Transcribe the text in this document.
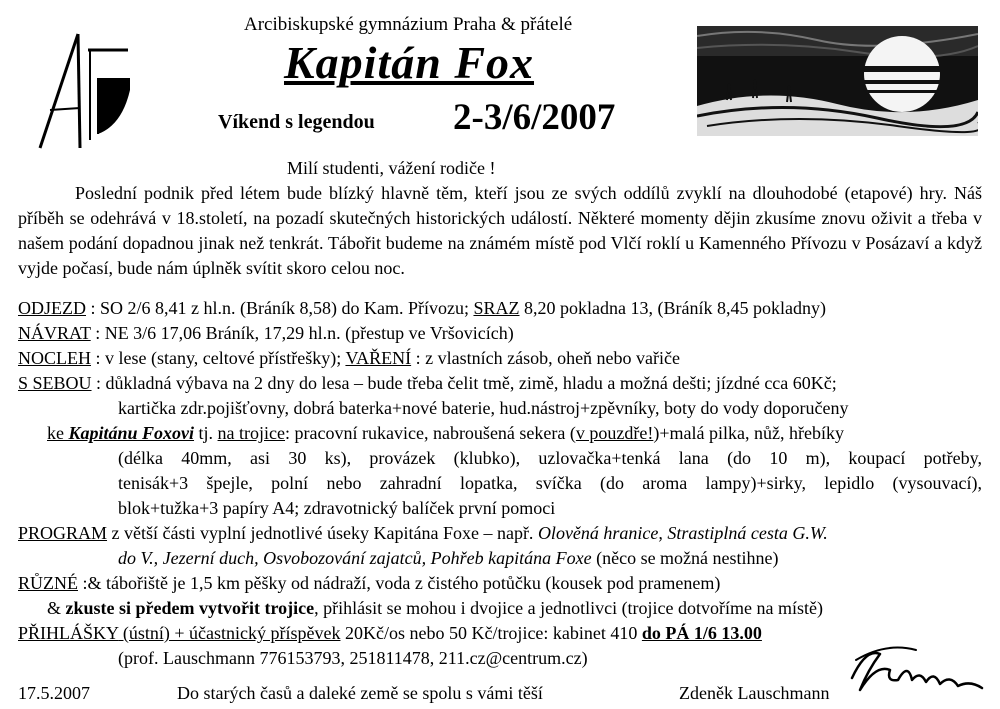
Arcibiskupské gymnázium Praha & přátelé
Kapitán Fox
Víkend s legendou 2-3/6/2007
Milí studenti, vážení rodiče !
Poslední podnik před létem bude blízký hlavně těm, kteří jsou ze svých oddílů zvyklí na dlouhodobé (etapové) hry. Náš příběh se odehrává v 18.století, na pozadí skutečných historických událostí. Některé momenty dějin zkusíme znovu oživit a třeba v našem podání dopadnou jinak než tenkrát. Tábořit budeme na známém místě pod Vlčí roklí u Kamenného Přívozu v Posázaví a když vyjde počasí, bude nám úplněk svítit skoro celou noc.
ODJEZD : SO 2/6 8,41 z hl.n. (Bráník 8,58) do Kam. Přívozu; SRAZ 8,20 pokladna 13, (Bráník 8,45 pokladny)
NÁVRAT : NE 3/6 17,06 Bráník, 17,29 hl.n. (přestup ve Vršovicích)
NOCLEH : v lese (stany, celtové přístřešky); VAŘENÍ : z vlastních zásob, oheň nebo vařiče
S SEBOU : důkladná výbava na 2 dny do lesa – bude třeba čelit tmě, zimě, hladu a možná dešti; jízdné cca 60Kč;
kartička zdr.pojišťovny, dobrá baterka+nové baterie, hud.nástroj+zpěvníky, boty do vody doporučeny
ke Kapitánu Foxovi tj. na trojice: pracovní rukavice, nabroušená sekera (v pouzdře!)+malá pilka, nůž, hřebíky
(délka 40mm, asi 30 ks), provázek (klubko), uzlovačka+tenká lana (do 10 m), koupací potřeby,
tenisák+3 špejle, polní nebo zahradní lopatka, svíčka (do aroma lampy)+sirky, lepidlo (vysouvací),
blok+tužka+3 papíry A4; zdravotnický balíček první pomoci
PROGRAM z větší části vyplní jednotlivé úseky Kapitána Foxe – např. Olověná hranice, Strastiplná cesta G.W.
do V., Jezerní duch, Osvobozování zajatců, Pohřeb kapitána Foxe (něco se možná nestihne)
RŮZNÉ :& tábořiště je 1,5 km pěšky od nádraží, voda z čistého potůčku (kousek pod pramenem)
& zkuste si předem vytvořit trojice, přihlásit se mohou i dvojice a jednotlivci (trojice dotvoříme na místě)
PŘIHLÁŠKY (ústní) + účastnický příspěvek 20Kč/os nebo 50 Kč/trojice: kabinet 410 do PÁ 1/6 13.00
(prof. Lauschmann 776153793, 251811478, 211.cz@centrum.cz)
17.5.2007	Do starých časů a daleké země se spolu s vámi těší	Zdeněk Lauschmann
